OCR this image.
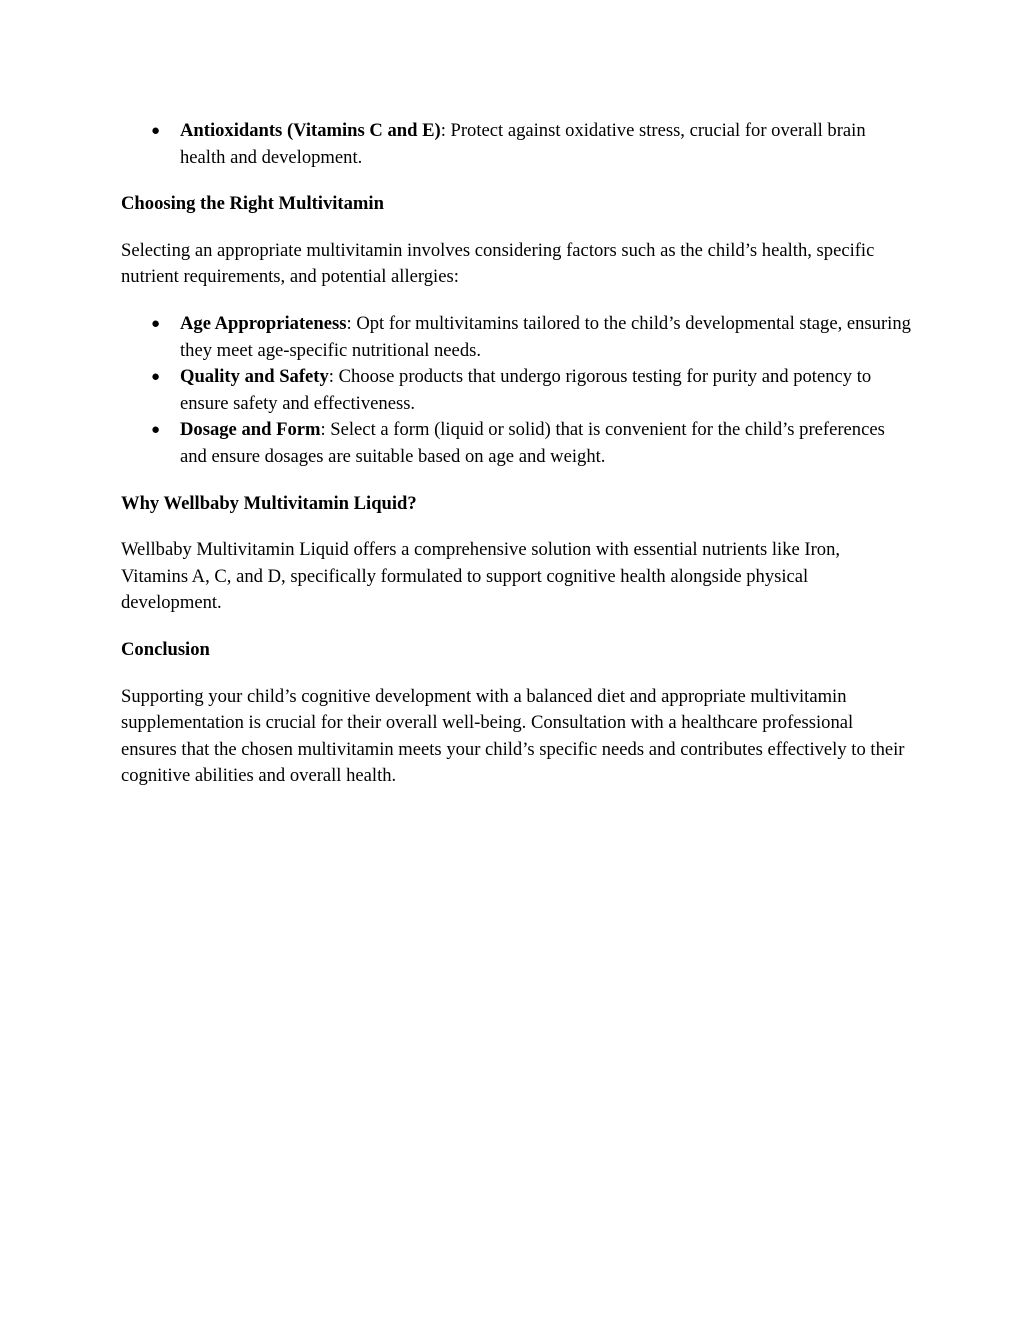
● Antioxidants (Vitamins C and E): Protect against oxidative stress, crucial for overall brain health and development.
Choosing the Right Multivitamin

Selecting an appropriate multivitamin involves considering factors such as the child’s health, specific nutrient requirements, and potential allergies:

● Age Appropriateness: Opt for multivitamins tailored to the child’s developmental stage, ensuring they meet age-specific nutritional needs.
● Quality and Safety: Choose products that undergo rigorous testing for purity and potency to ensure safety and effectiveness.
● Dosage and Form: Select a form (liquid or solid) that is convenient for the child’s preferences and ensure dosages are suitable based on age and weight.
Why Wellbaby Multivitamin Liquid?

Wellbaby Multivitamin Liquid offers a comprehensive solution with essential nutrients like Iron, Vitamins A, C, and D, specifically formulated to support cognitive health alongside physical development.

Conclusion

Supporting your child’s cognitive development with a balanced diet and appropriate multivitamin supplementation is crucial for their overall well-being. Consultation with a healthcare professional ensures that the chosen multivitamin meets your child’s specific needs and contributes effectively to their cognitive abilities and overall health.
